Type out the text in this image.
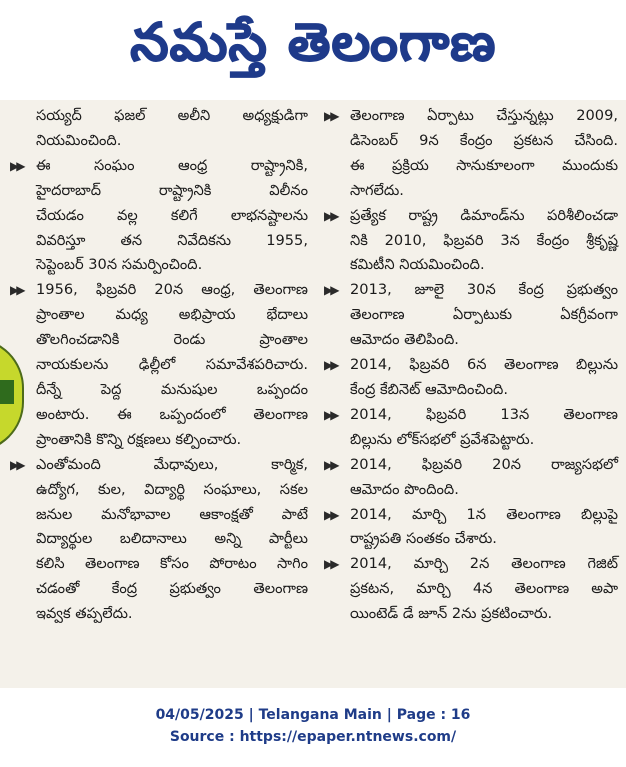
నమస్తే తెలంగాణ
సయ్యద్ ఫజల్ అలీని అధ్యక్షుడిగా
నియమించింది.
▶▶ ఈ సంఘం ఆంధ్ర రాష్ట్రానికి,
హైదరాబాద్ రాష్ట్రానికి విలీనం
చేయడం వల్ల కలిగే లాభనష్టాలను
వివరిస్తూ తన నివేదికను 1955,
సెప్టెంబర్ 30న సమర్పించింది.
▶▶ 1956, ఫిబ్రవరి 20న ఆంధ్ర, తెలంగాణ
ప్రాంతాల మధ్య అభిప్రాయ భేదాలు
తొలగించడానికి రెండు ప్రాంతాల
నాయకులను ఢిల్లీలో సమావేశపరిచారు.
దీన్నే పెద్ద మనుషుల ఒప్పందం
అంటారు. ఈ ఒప్పందంలో తెలంగాణ
ప్రాంతానికి కొన్ని రక్షణలు కల్పించారు.
▶▶ ఎంతోమంది మేధావులు, కార్మిక,
ఉద్యోగ, కుల, విద్యార్థి సంఘాలు, సకల
జనుల మనోభావాల ఆకాంక్షతో పాటే
విద్యార్థుల బలిదానాలు అన్ని పార్టీలు
కలిసి తెలంగాణ కోసం పోరాటం సాగిం
చడంతో కేంద్ర ప్రభుత్వం తెలంగాణ
ఇవ్వక తప్పలేదు.
▶▶ తెలంగాణ ఏర్పాటు చేస్తున్నట్లు 2009,
డిసెంబర్ 9న కేంద్రం ప్రకటన చేసింది.
ఈ ప్రక్రియ సానుకూలంగా ముందుకు
సాగలేదు.
▶▶ ప్రత్యేక రాష్ట్ర డిమాండ్‌ను పరిశీలించడా
నికి 2010, ఫిబ్రవరి 3న కేంద్రం శ్రీకృష్ణ
కమిటీని నియమించింది.
▶▶ 2013, జూలై 30న కేంద్ర ప్రభుత్వం
తెలంగాణ ఏర్పాటుకు ఏకగ్రీవంగా
ఆమోదం తెలిపింది.
▶▶ 2014, ఫిబ్రవరి 6న తెలంగాణ బిల్లును
కేంద్ర కేబినెట్ ఆమోదించింది.
▶▶ 2014, ఫిబ్రవరి 13న తెలంగాణ
బిల్లును లోక్‌సభలో ప్రవేశపెట్టారు.
▶▶ 2014, ఫిబ్రవరి 20న రాజ్యసభలో
ఆమోదం పొందింది.
▶▶ 2014, మార్చి 1న తెలంగాణ బిల్లుపై
రాష్ట్రపతి సంతకం చేశారు.
▶▶ 2014, మార్చి 2న తెలంగాణ గెజిట్
ప్రకటన, మార్చి 4న తెలంగాణ అపా
యింటెడ్ డే జూన్ 2ను ప్రకటించారు.
04/05/2025 | Telangana Main | Page : 16
Source : https://epaper.ntnews.com/
